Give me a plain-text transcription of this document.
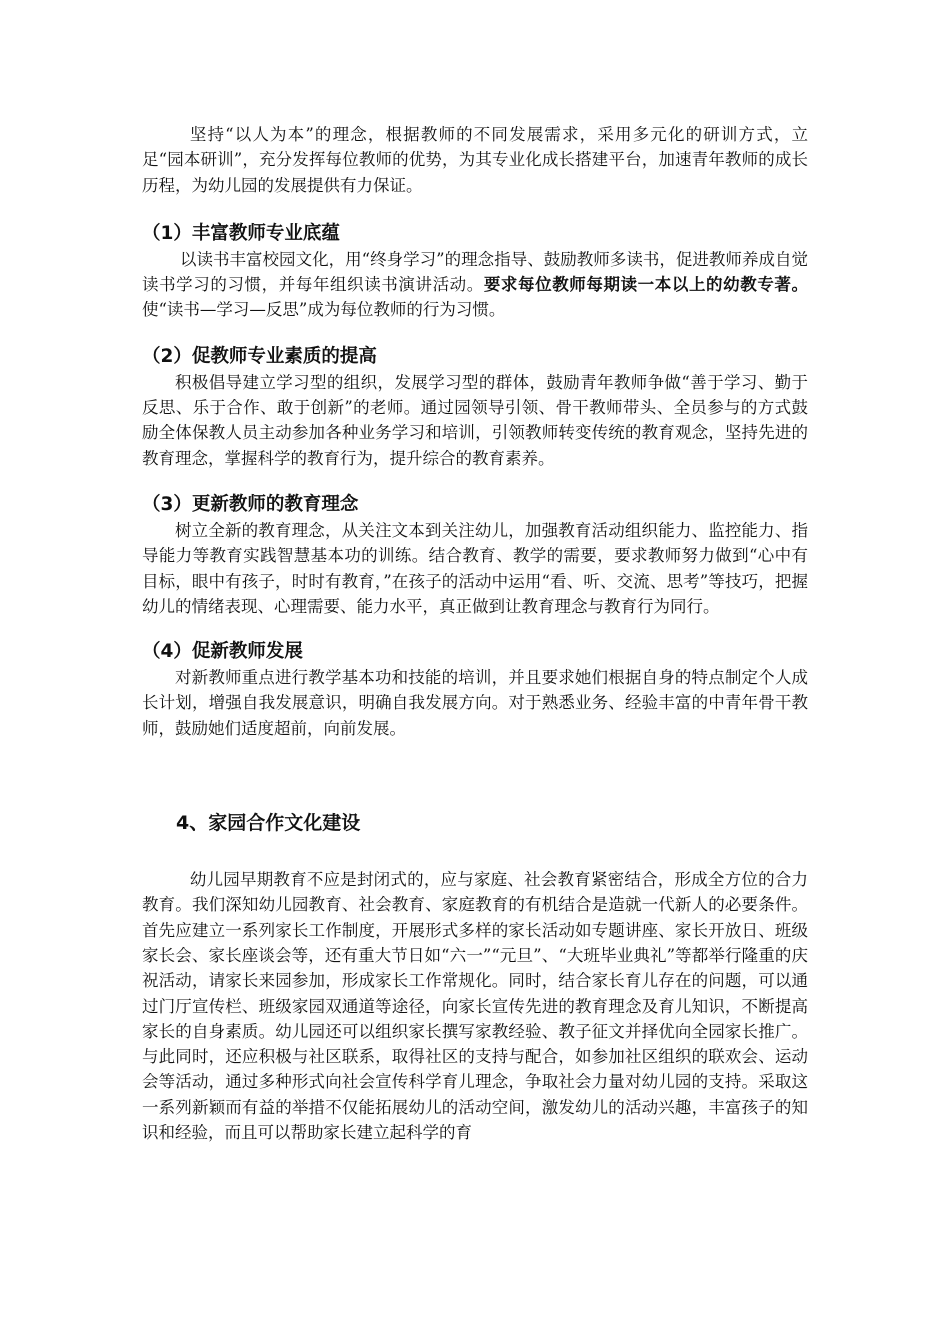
坚持“以人为本”的理念，根据教师的不同发展需求，采用多元化的研训方式，立足“园本研训”，充分发挥每位教师的优势，为其专业化成长搭建平台，加速青年教师的成长历程，为幼儿园的发展提供有力保证。

（1）丰富教师专业底蕴

以读书丰富校园文化，用“终身学习”的理念指导、鼓励教师多读书，促进教师养成自觉读书学习的习惯，并每年组织读书演讲活动。要求每位教师每期读一本以上的幼教专著。使“读书—学习—反思”成为每位教师的行为习惯。

（2）促教师专业素质的提高

积极倡导建立学习型的组织，发展学习型的群体，鼓励青年教师争做“善于学习、勤于反思、乐于合作、敢于创新”的老师。通过园领导引领、骨干教师带头、全员参与的方式鼓励全体保教人员主动参加各种业务学习和培训，引领教师转变传统的教育观念，坚持先进的教育理念，掌握科学的教育行为，提升综合的教育素养。

（3）更新教师的教育理念

树立全新的教育理念，从关注文本到关注幼儿，加强教育活动组织能力、监控能力、指导能力等教育实践智慧基本功的训练。结合教育、教学的需要，要求教师努力做到“心中有目标，眼中有孩子，时时有教育，”在孩子的活动中运用“看、听、交流、思考”等技巧，把握幼儿的情绪表现、心理需要、能力水平，真正做到让教育理念与教育行为同行。

（4）促新教师发展

对新教师重点进行教学基本功和技能的培训，并且要求她们根据自身的特点制定个人成长计划，增强自我发展意识，明确自我发展方向。对于熟悉业务、经验丰富的中青年骨干教师，鼓励她们适度超前，向前发展。

4、家园合作文化建设

幼儿园早期教育不应是封闭式的，应与家庭、社会教育紧密结合，形成全方位的合力教育。我们深知幼儿园教育、社会教育、家庭教育的有机结合是造就一代新人的必要条件。首先应建立一系列家长工作制度，开展形式多样的家长活动如专题讲座、家长开放日、班级家长会、家长座谈会等，还有重大节日如“六一”“元旦”、“大班毕业典礼”等都举行隆重的庆祝活动，请家长来园参加，形成家长工作常规化。同时，结合家长育儿存在的问题，可以通过门厅宣传栏、班级家园双通道等途径，向家长宣传先进的教育理念及育儿知识，不断提高家长的自身素质。幼儿园还可以组织家长撰写家教经验、教子征文并择优向全园家长推广。与此同时，还应积极与社区联系，取得社区的支持与配合，如参加社区组织的联欢会、运动会等活动，通过多种形式向社会宣传科学育儿理念，争取社会力量对幼儿园的支持。采取这一系列新颖而有益的举措不仅能拓展幼儿的活动空间，激发幼儿的活动兴趣，丰富孩子的知识和经验，而且可以帮助家长建立起科学的育
